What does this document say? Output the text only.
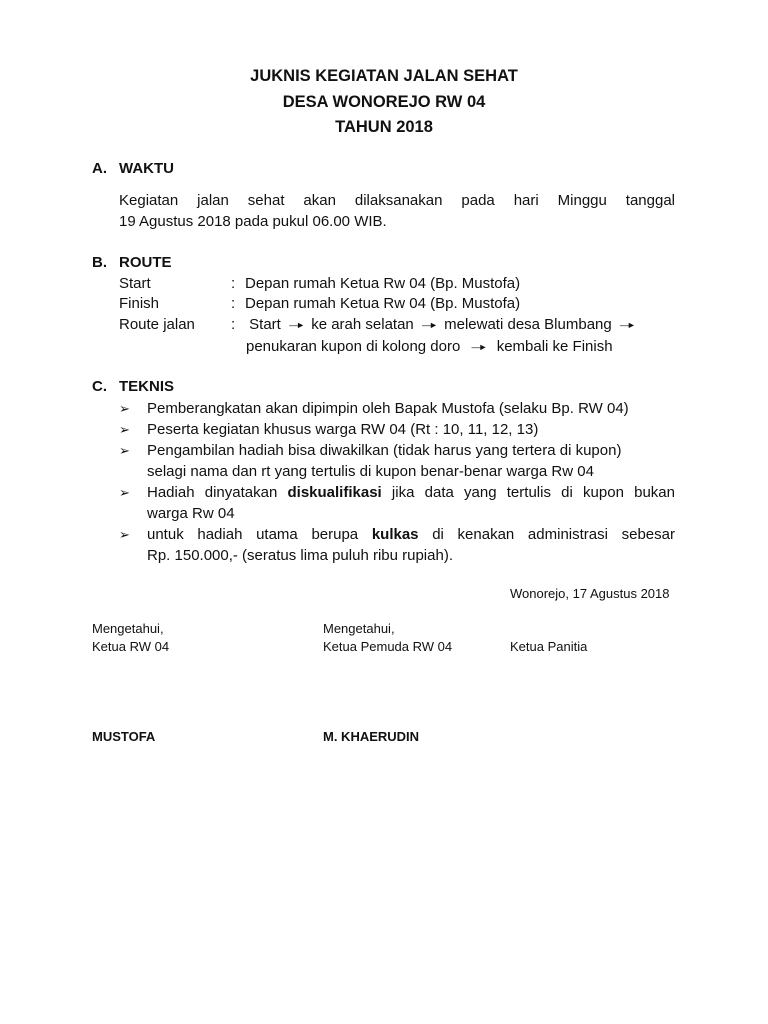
JUKNIS KEGIATAN JALAN SEHAT
DESA WONOREJO RW 04
TAHUN 2018
A. WAKTU
Kegiatan jalan sehat akan dilaksanakan pada hari Minggu tanggal
19 Agustus 2018 pada pukul 06.00 WIB.
B. ROUTE
Start	: Depan rumah Ketua Rw 04 (Bp. Mustofa)
Finish	: Depan rumah Ketua Rw 04 (Bp. Mustofa)
Route jalan : Start —► ke arah selatan —► melewati desa Blumbang —►
penukaran kupon di kolong doro —► kembali ke Finish
C. TEKNIS
➢	Pemberangkatan akan dipimpin oleh Bapak Mustofa (selaku Bp. RW 04)
➢	Peserta kegiatan khusus warga RW 04 (Rt : 10, 11, 12, 13)
➢	Pengambilan hadiah bisa diwakilkan (tidak harus yang tertera di kupon)
selagi nama dan rt yang tertulis di kupon benar-benar warga Rw 04
➢	Hadiah dinyatakan diskualifikasi jika data yang tertulis di kupon bukan
warga Rw 04
➢	untuk hadiah utama berupa kulkas di kenakan administrasi sebesar
Rp. 150.000,- (seratus lima puluh ribu rupiah).
Wonorejo, 17 Agustus 2018
Mengetahui,
Ketua RW 04
MUSTOFA
Mengetahui,
Ketua Pemuda RW 04
M. KHAERUDIN
Ketua Panitia
